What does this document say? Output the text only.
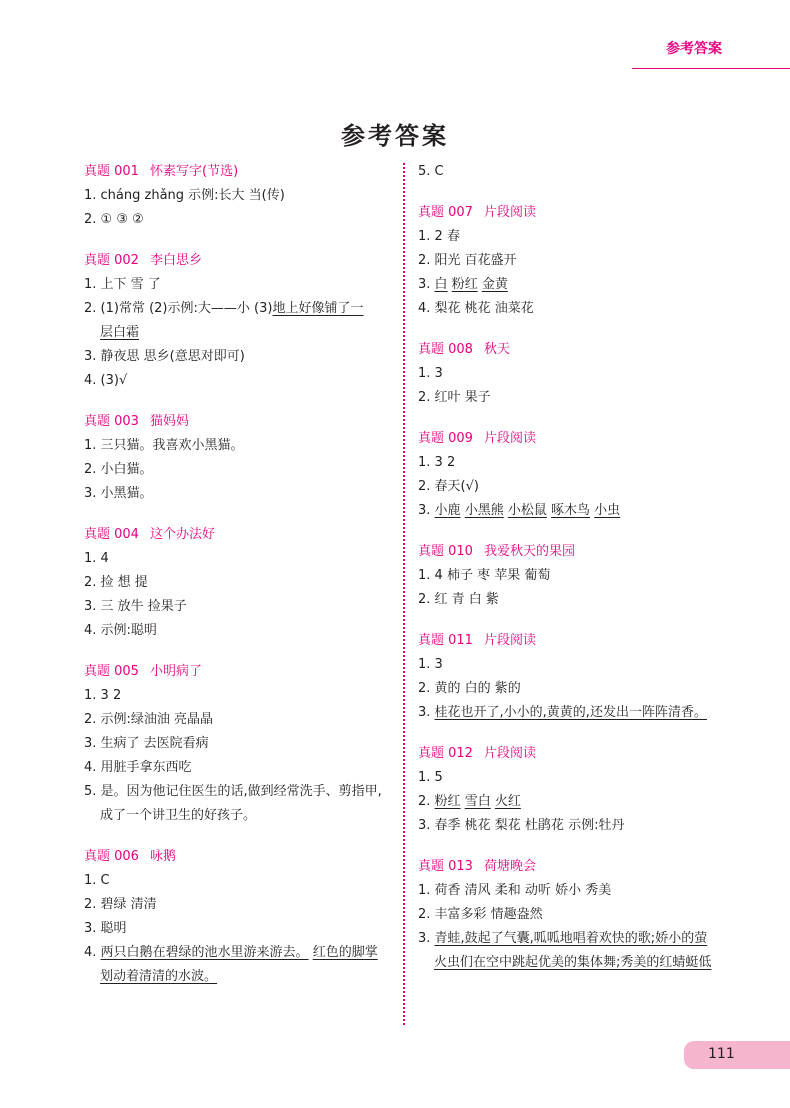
参考答案
参考答案
真题 001 怀素写字(节选)
1. cháng zhǎng 示例:长大 当(传)
2. ① ③ ②
真题 002 李白思乡
1. 上下 雪 了
2. (1)常常 (2)示例:大——小 (3)地上好像铺了一
层白霜
3. 静夜思 思乡(意思对即可)
4. (3)√
真题 003 猫妈妈
1. 三只猫。我喜欢小黑猫。
2. 小白猫。
3. 小黑猫。
真题 004 这个办法好
1. 4
2. 捡 想 提
3. 三 放牛 捡果子
4. 示例:聪明
真题 005 小明病了
1. 3 2
2. 示例:绿油油 亮晶晶
3. 生病了 去医院看病
4. 用脏手拿东西吃
5. 是。因为他记住医生的话,做到经常洗手、剪指甲,
成了一个讲卫生的好孩子。
真题 006 咏鹅
1. C
2. 碧绿 清清
3. 聪明
4. 两只白鹅在碧绿的池水里游来游去。 红色的脚掌
划动着清清的水波。
5. C
真题 007 片段阅读
1. 2 春
2. 阳光 百花盛开
3. 白 粉红 金黄
4. 梨花 桃花 油菜花
真题 008 秋天
1. 3
2. 红叶 果子
真题 009 片段阅读
1. 3 2
2. 春天(√)
3. 小鹿 小黑熊 小松鼠 啄木鸟 小虫
真题 010 我爱秋天的果园
1. 4 柿子 枣 苹果 葡萄
2. 红 青 白 紫
真题 011 片段阅读
1. 3
2. 黄的 白的 紫的
3. 桂花也开了,小小的,黄黄的,还发出一阵阵清香。
真题 012 片段阅读
1. 5
2. 粉红 雪白 火红
3. 春季 桃花 梨花 杜鹃花 示例:牡丹
真题 013 荷塘晚会
1. 荷香 清风 柔和 动听 娇小 秀美
2. 丰富多彩 情趣盎然
3. 青蛙,鼓起了气囊,呱呱地唱着欢快的歌;娇小的萤
火虫们在空中跳起优美的集体舞;秀美的红蜻蜓低
111
